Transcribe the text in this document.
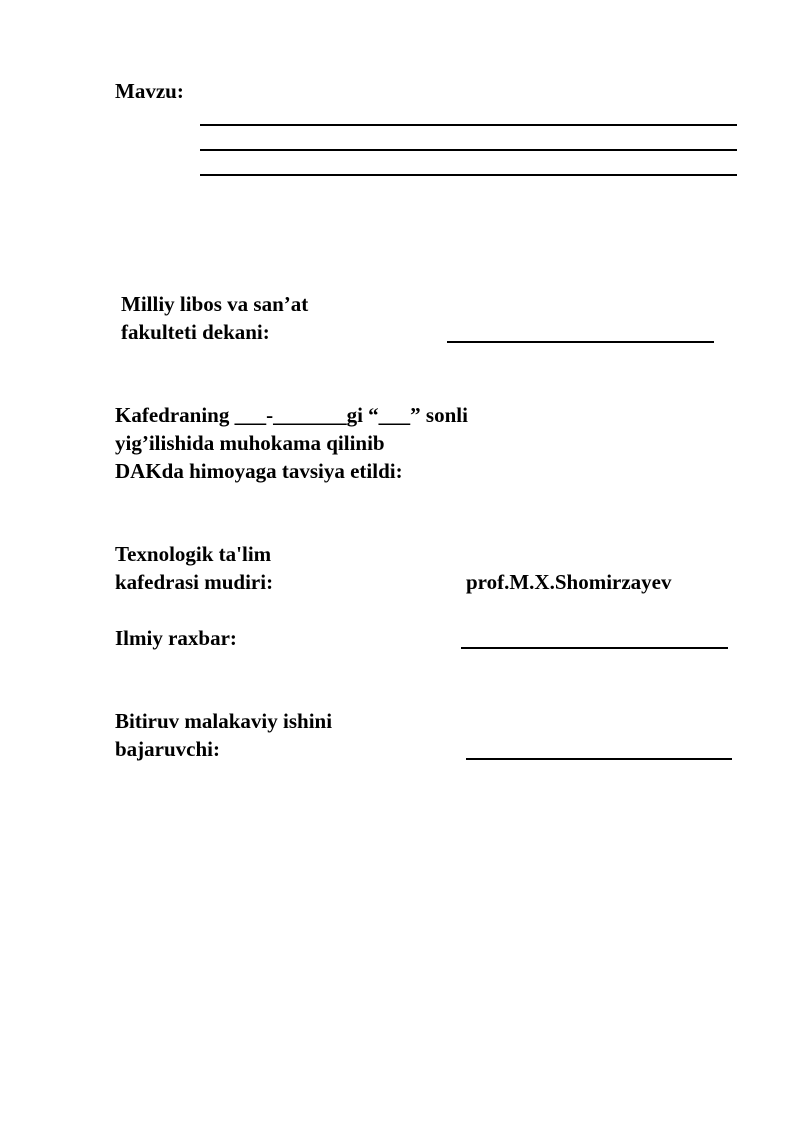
Mavzu:
Milliy libos va san’at
fakulteti dekani:
Kafedraning ___-_______gi “___” sonli
yig’ilishida muhokama qilinib
DAKda himoyaga tavsiya etildi:
Texnologik ta'lim
kafedrasi mudiri:	prof.M.X.Shomirzayev
Ilmiy raxbar:
Bitiruv malakaviy ishini
bajaruvchi:
